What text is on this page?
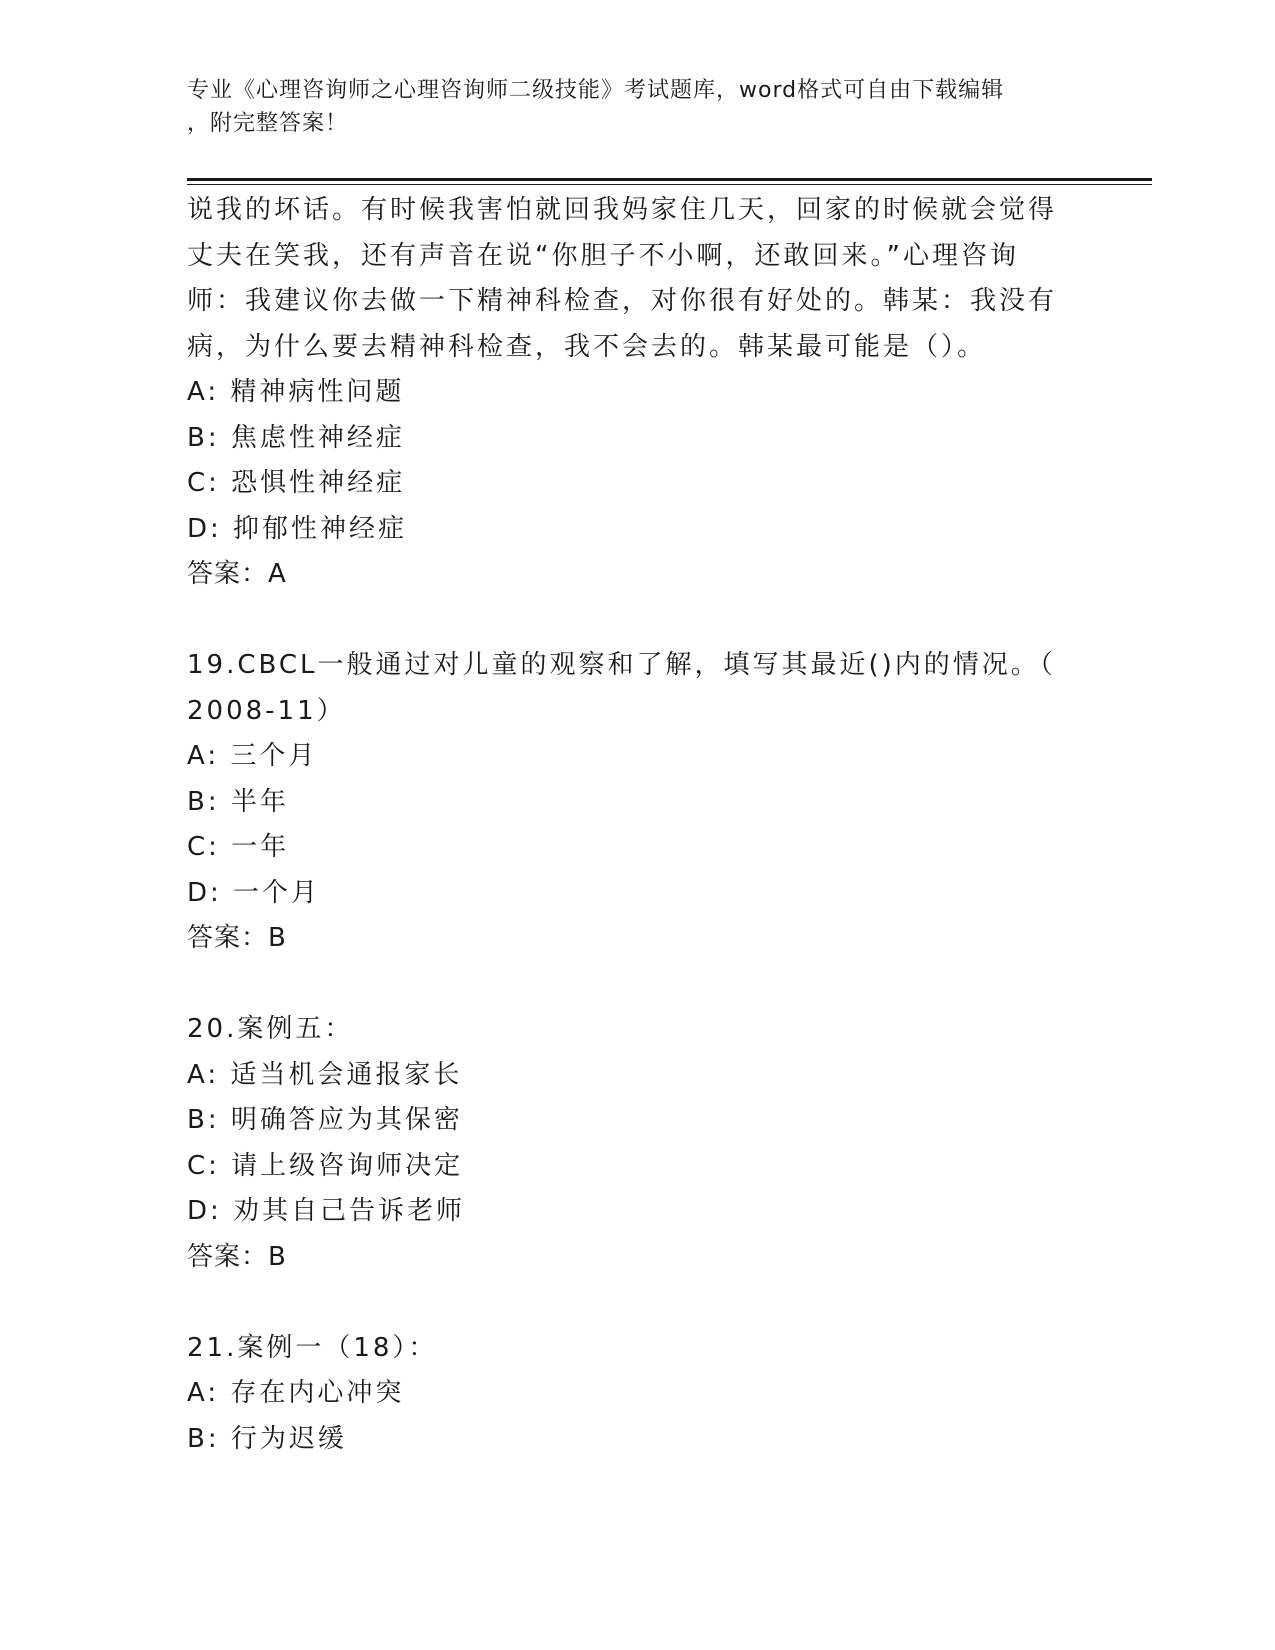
专业《心理咨询师之心理咨询师二级技能》考试题库，word格式可自由下载编辑
，附完整答案！
说我的坏话。有时候我害怕就回我妈家住几天，回家的时候就会觉得
丈夫在笑我，还有声音在说“你胆子不小啊，还敢回来。”心理咨询
师：我建议你去做一下精神科检查，对你很有好处的。韩某：我没有
病，为什么要去精神科检查，我不会去的。韩某最可能是（）。
A: 精神病性问题
B: 焦虑性神经症
C: 恐惧性神经症
D: 抑郁性神经症
答案：A
19.CBCL一般通过对儿童的观察和了解，填写其最近()内的情况。（
2008-11）
A: 三个月
B: 半年
C: 一年
D: 一个月
答案：B
20.案例五：
A: 适当机会通报家长
B: 明确答应为其保密
C: 请上级咨询师决定
D: 劝其自己告诉老师
答案：B
21.案例一（18）：
A: 存在内心冲突
B: 行为迟缓
